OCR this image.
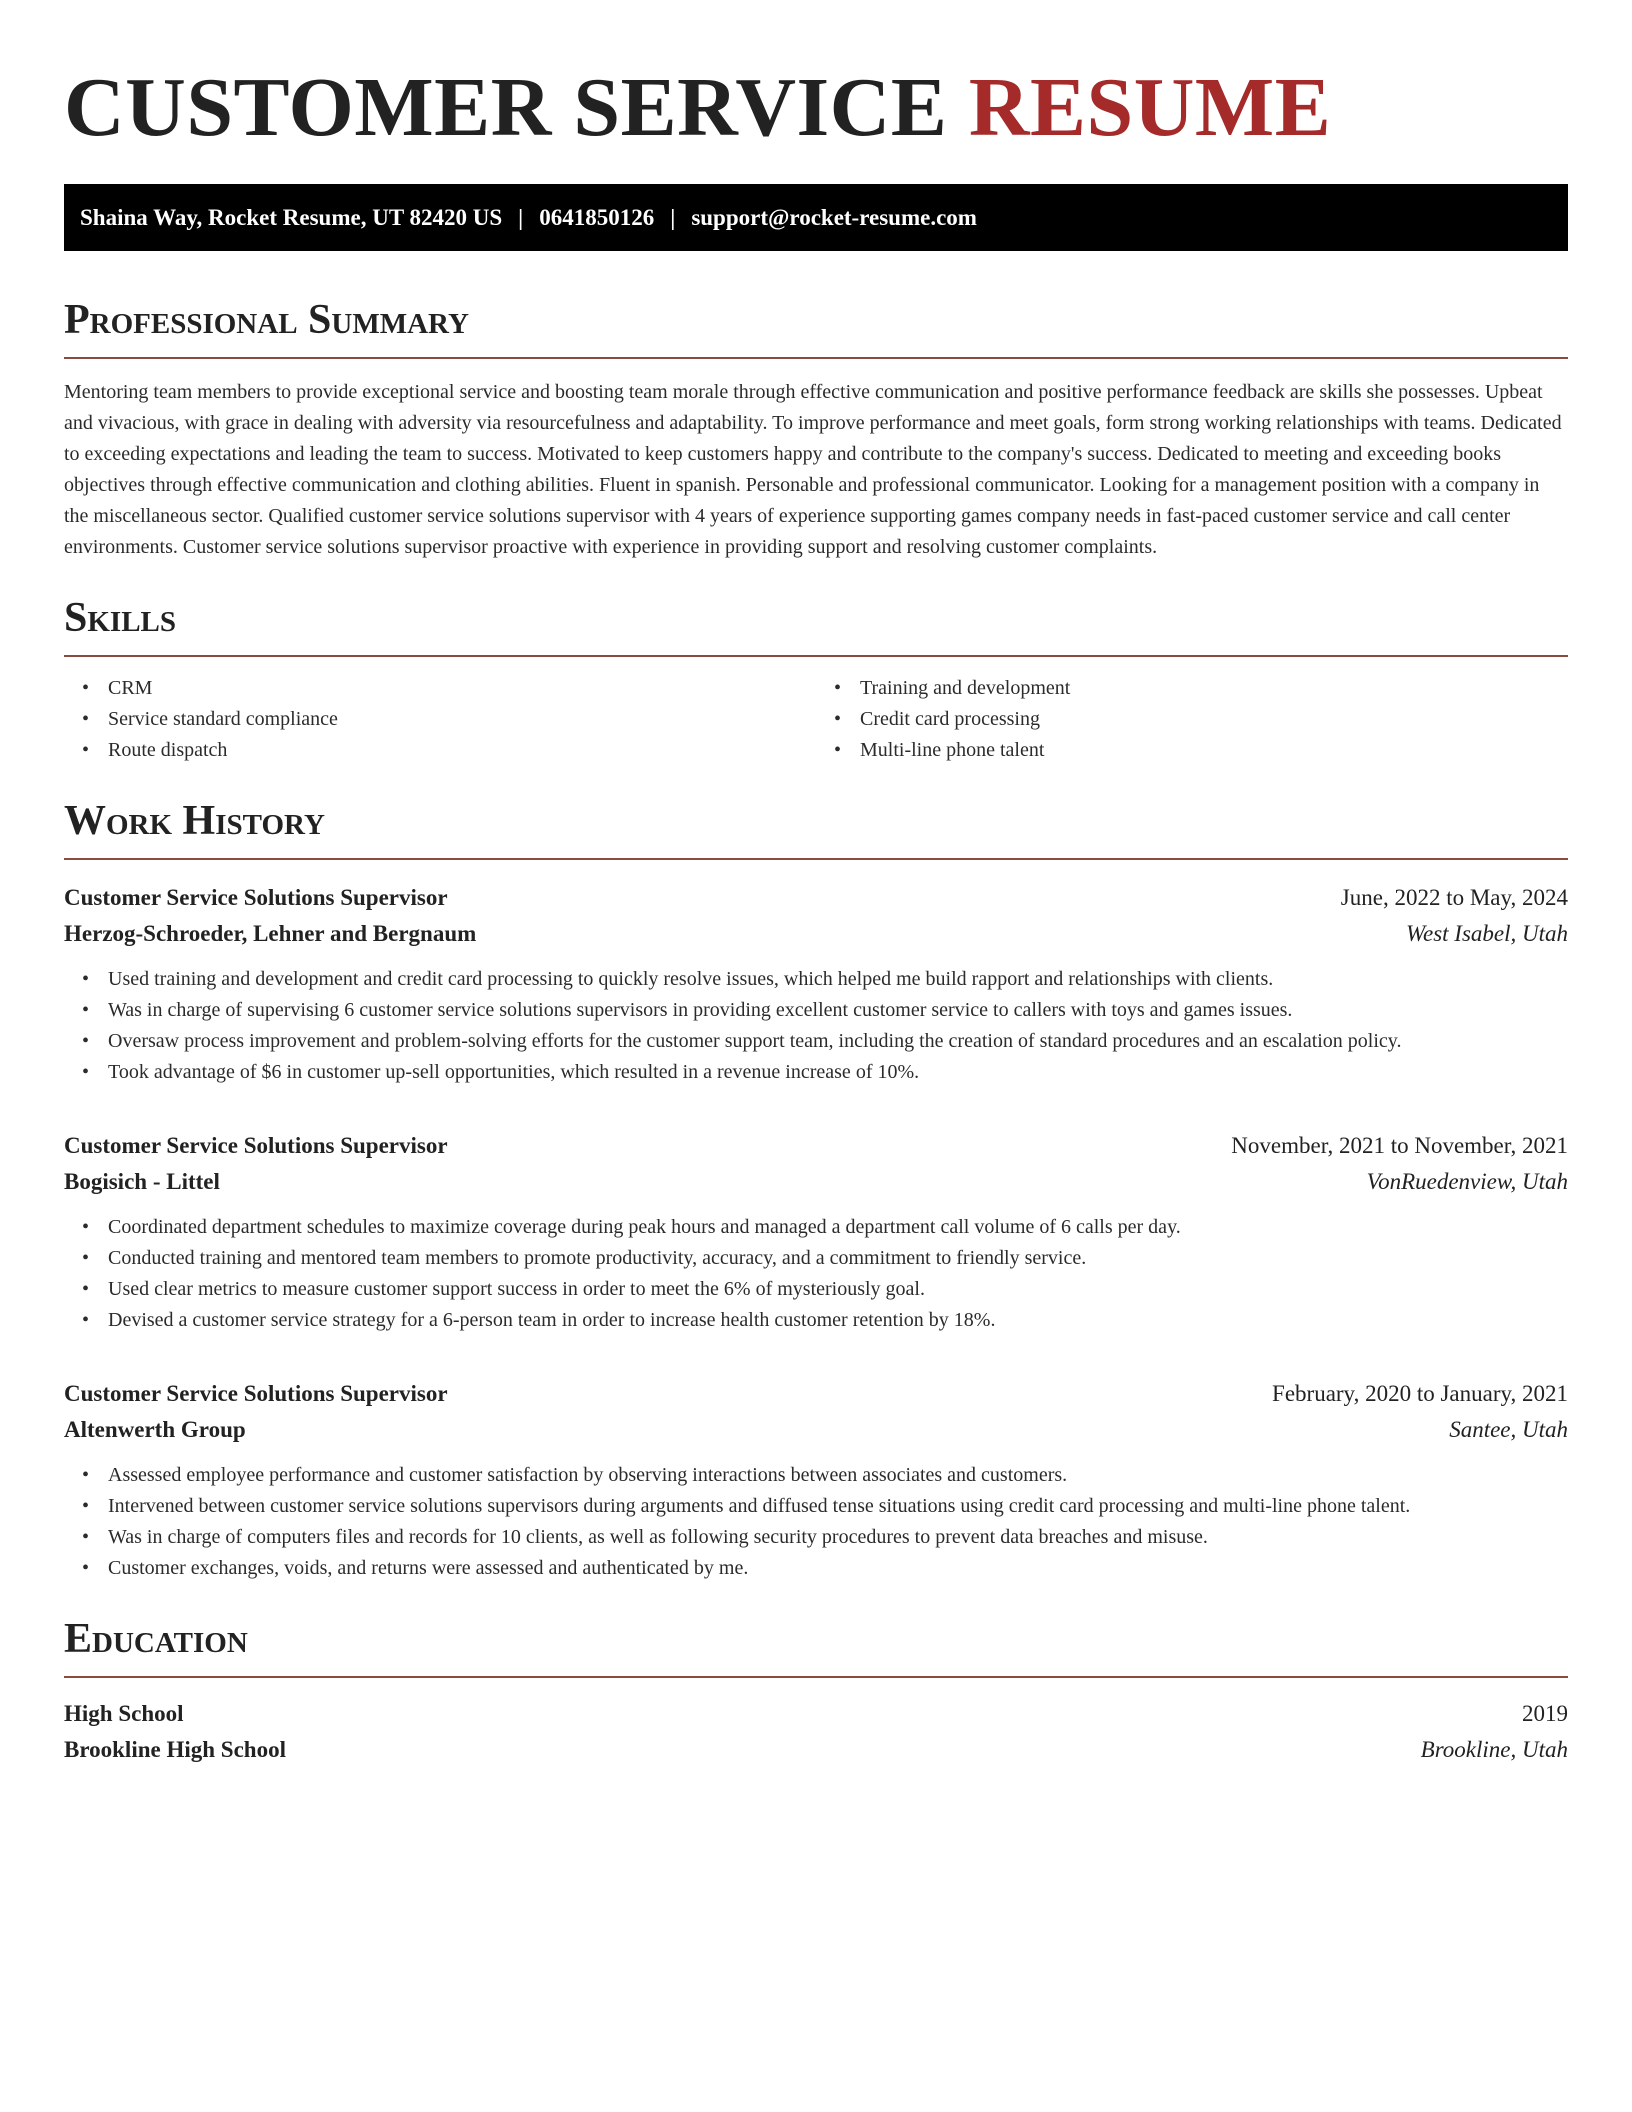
CUSTOMER SERVICE RESUME
Shaina Way, Rocket Resume, UT 82420 US | 0641850126 | support@rocket-resume.com
Professional Summary

Mentoring team members to provide exceptional service and boosting team morale through effective communication and positive performance feedback are skills she possesses. Upbeat and vivacious, with grace in dealing with adversity via resourcefulness and adaptability. To improve performance and meet goals, form strong working relationships with teams. Dedicated to exceeding expectations and leading the team to success. Motivated to keep customers happy and contribute to the company's success. Dedicated to meeting and exceeding books objectives through effective communication and clothing abilities. Fluent in spanish. Personable and professional communicator. Looking for a management position with a company in the miscellaneous sector. Qualified customer service solutions supervisor with 4 years of experience supporting games company needs in fast-paced customer service and call center environments. Customer service solutions supervisor proactive with experience in providing support and resolving customer complaints.

Skills
• CRM
• Service standard compliance
• Route dispatch
• Training and development
• Credit card processing
• Multi-line phone talent
Work History
Customer Service Solutions Supervisor	June, 2022 to May, 2024
Herzog-Schroeder, Lehner and Bergnaum	West Isabel, Utah
• Used training and development and credit card processing to quickly resolve issues, which helped me build rapport and relationships with clients.
• Was in charge of supervising 6 customer service solutions supervisors in providing excellent customer service to callers with toys and games issues.
• Oversaw process improvement and problem-solving efforts for the customer support team, including the creation of standard procedures and an escalation policy.
• Took advantage of $6 in customer up-sell opportunities, which resulted in a revenue increase of 10%.
Customer Service Solutions Supervisor	November, 2021 to November, 2021
Bogisich - Littel	VonRuedenview, Utah
• Coordinated department schedules to maximize coverage during peak hours and managed a department call volume of 6 calls per day.
• Conducted training and mentored team members to promote productivity, accuracy, and a commitment to friendly service.
• Used clear metrics to measure customer support success in order to meet the 6% of mysteriously goal.
• Devised a customer service strategy for a 6-person team in order to increase health customer retention by 18%.
Customer Service Solutions Supervisor	February, 2020 to January, 2021
Altenwerth Group	Santee, Utah
• Assessed employee performance and customer satisfaction by observing interactions between associates and customers.
• Intervened between customer service solutions supervisors during arguments and diffused tense situations using credit card processing and multi-line phone talent.
• Was in charge of computers files and records for 10 clients, as well as following security procedures to prevent data breaches and misuse.
• Customer exchanges, voids, and returns were assessed and authenticated by me.
Education
High School	2019
Brookline High School	Brookline, Utah
